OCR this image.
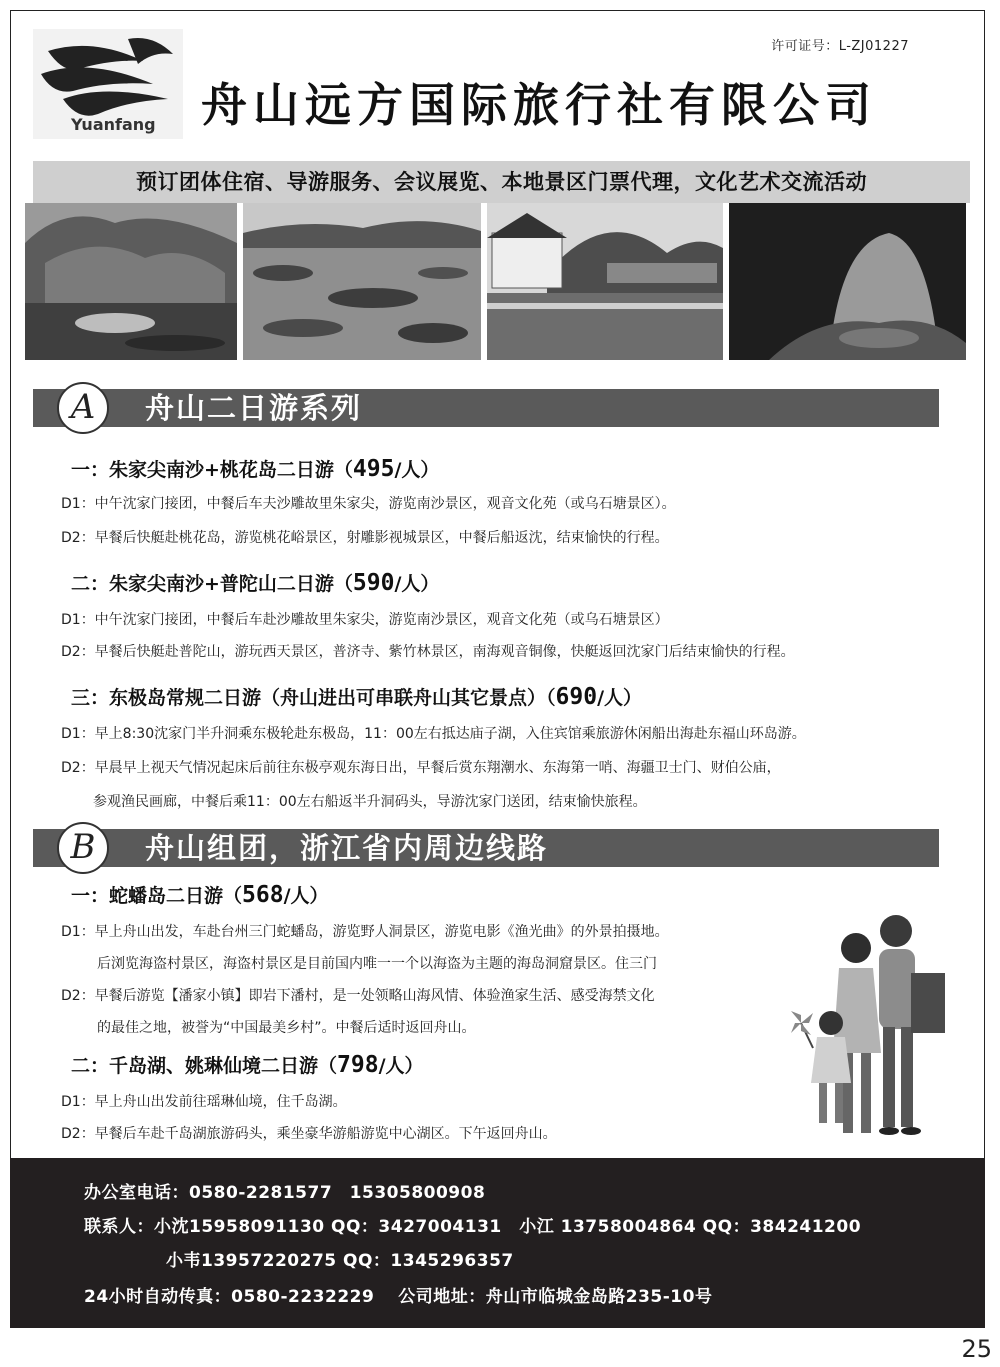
Yuanfang
许可证号：L-ZJ01227
舟山远方国际旅行社有限公司
预订团体住宿、导游服务、会议展览、本地景区门票代理，文化艺术交流活动
A	舟山二日游系列
一：朱家尖南沙+桃花岛二日游（495/人）
D1：中午沈家门接团，中餐后车夫沙雕故里朱家尖，游览南沙景区，观音文化苑（或乌石塘景区）。
D2：早餐后快艇赴桃花岛，游览桃花峪景区，射雕影视城景区，中餐后船返沈，结束愉快的行程。
二：朱家尖南沙+普陀山二日游（590/人）
D1：中午沈家门接团，中餐后车赴沙雕故里朱家尖，游览南沙景区，观音文化苑（或乌石塘景区）
D2：早餐后快艇赴普陀山，游玩西天景区，普济寺、紫竹林景区，南海观音铜像，快艇返回沈家门后结束愉快的行程。
三：东极岛常规二日游（舟山进出可串联舟山其它景点）（690/人）
D1：早上8:30沈家门半升洞乘东极轮赴东极岛，11：00左右抵达庙子湖，入住宾馆乘旅游休闲船出海赴东福山环岛游。
D2：早晨早上视天气情况起床后前往东极亭观东海日出，早餐后赏东翔潮水、东海第一哨、海疆卫士门、财伯公庙，
参观渔民画廊，中餐后乘11：00左右船返半升洞码头，导游沈家门送团，结束愉快旅程。
B	舟山组团，浙江省内周边线路
一：蛇蟠岛二日游（568/人）
D1：早上舟山出发，车赴台州三门蛇蟠岛，游览野人洞景区，游览电影《渔光曲》的外景拍摄地。
后浏览海盗村景区，海盗村景区是目前国内唯一一个以海盗为主题的海岛洞窟景区。住三门
D2：早餐后游览【潘家小镇】即岩下潘村，是一处领略山海风情、体验渔家生活、感受海禁文化
的最佳之地，被誉为“中国最美乡村”。中餐后适时返回舟山。
二：千岛湖、姚琳仙境二日游（798/人）
D1：早上舟山出发前往瑶琳仙境，住千岛湖。
D2：早餐后车赴千岛湖旅游码头，乘坐豪华游船游览中心湖区。下午返回舟山。
办公室电话：0580-2281577　15305800908
联系人：小沈15958091130 QQ：3427004131　小江 13758004864 QQ：384241200
小韦13957220275 QQ：1345296357
24小时自动传真：0580-2232229　 公司地址：舟山市临城金岛路235-10号
25
